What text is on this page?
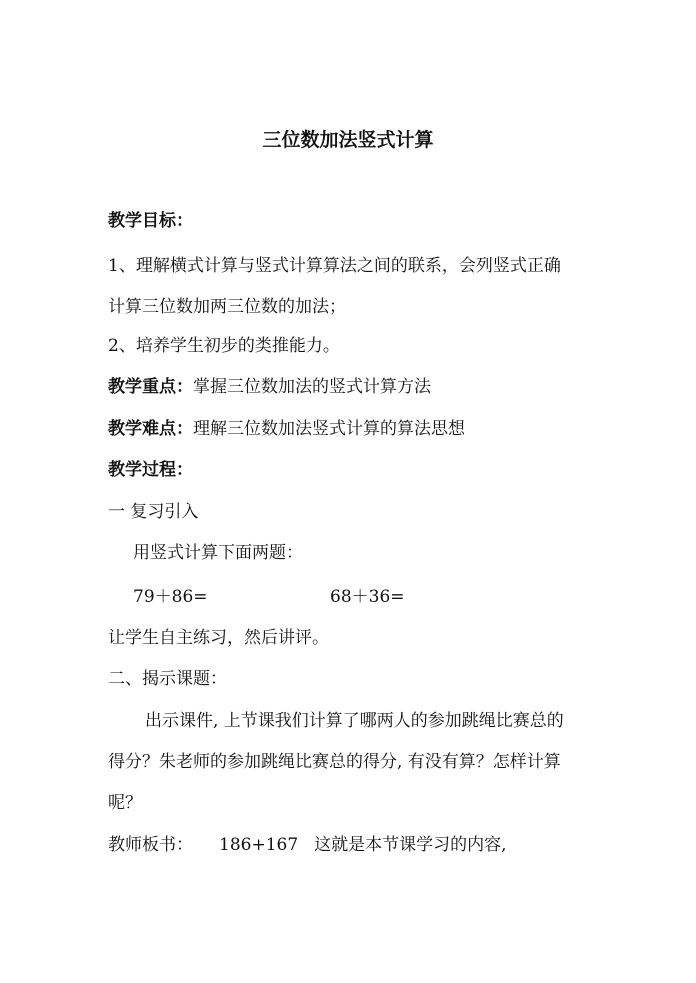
三位数加法竖式计算
教学目标：
1、理解横式计算与竖式计算算法之间的联系，会列竖式正确
计算三位数加两三位数的加法；
2、培养学生初步的类推能力。
教学重点：掌握三位数加法的竖式计算方法
教学难点：理解三位数加法竖式计算的算法思想
教学过程：
一 复习引入
用竖式计算下面两题：
79＋86=	68＋36=
让学生自主练习，然后讲评。
二、揭示课题：
出示课件, 上节课我们计算了哪两人的参加跳绳比赛总的
得分？朱老师的参加跳绳比赛总的得分, 有没有算？怎样计算
呢？
教师板书： 186+167 这就是本节课学习的内容,
